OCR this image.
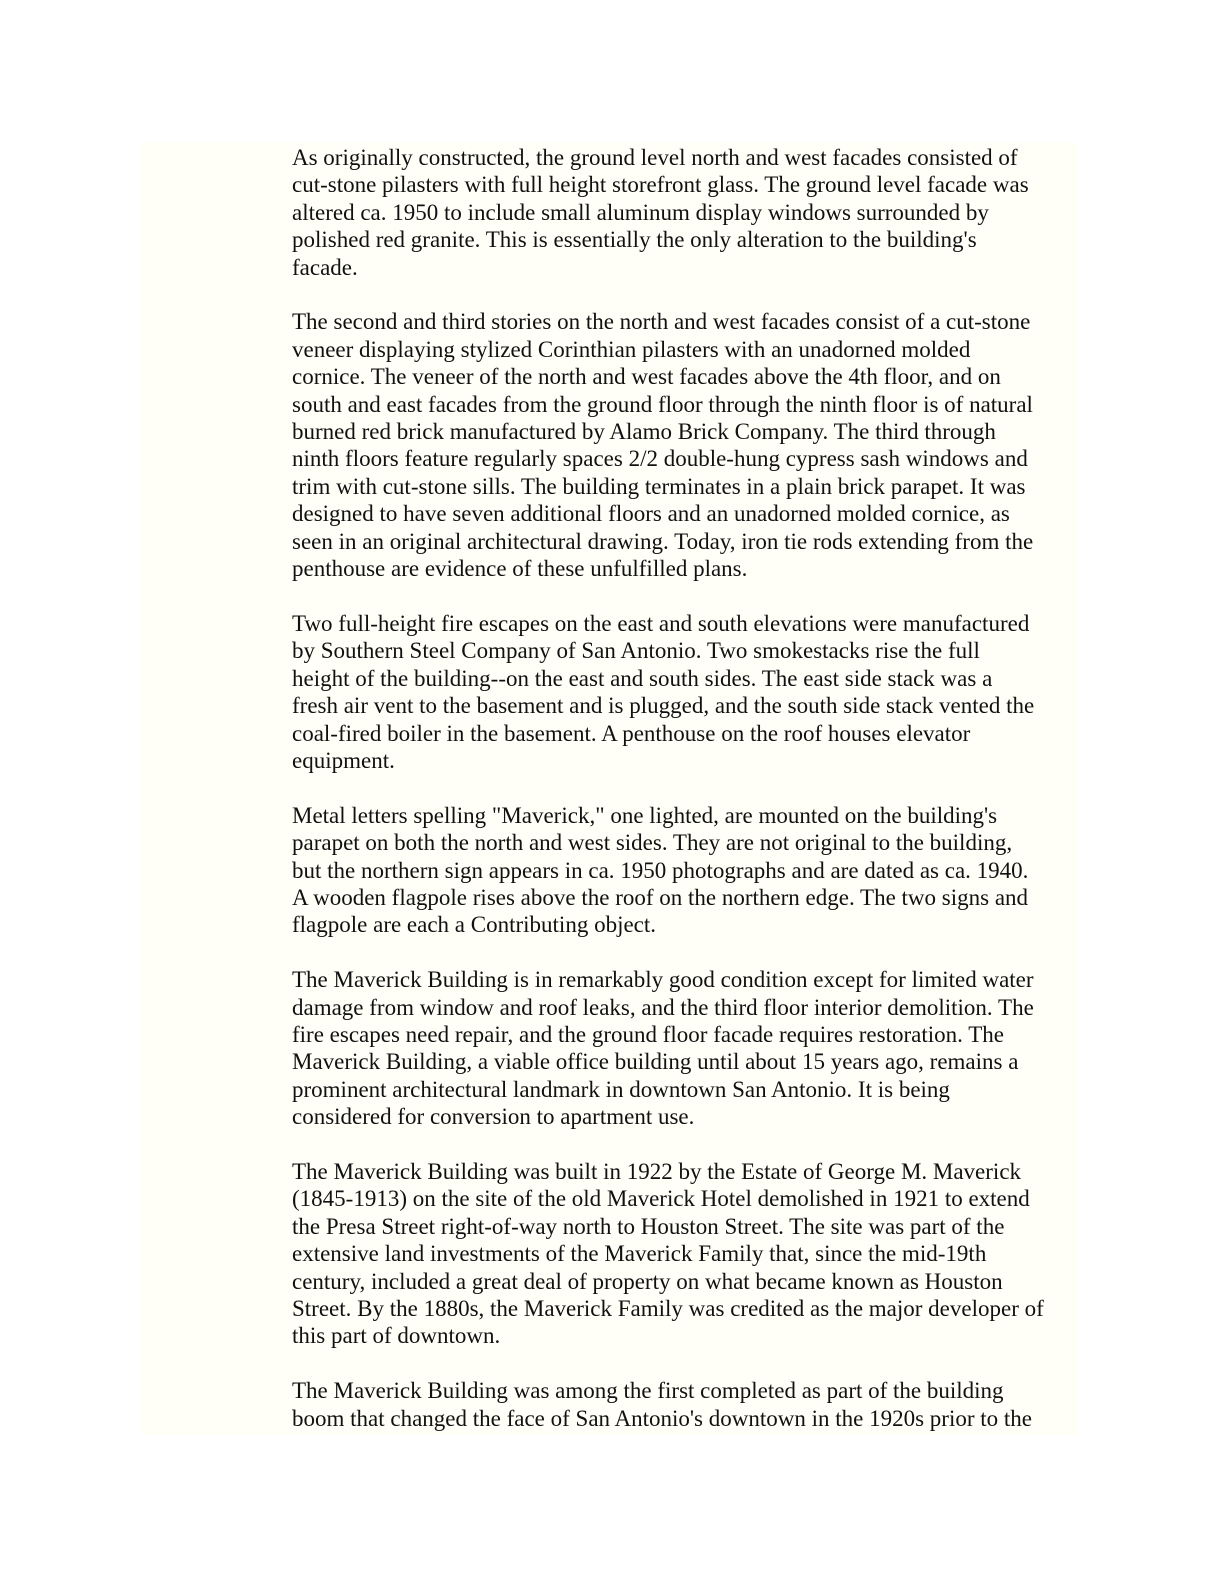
As originally constructed, the ground level north and west facades consisted of
cut-stone pilasters with full height storefront glass. The ground level facade was
altered ca. 1950 to include small aluminum display windows surrounded by
polished red granite. This is essentially the only alteration to the building's
facade.

The second and third stories on the north and west facades consist of a cut-stone
veneer displaying stylized Corinthian pilasters with an unadorned molded
cornice. The veneer of the north and west facades above the 4th floor, and on
south and east facades from the ground floor through the ninth floor is of natural
burned red brick manufactured by Alamo Brick Company. The third through
ninth floors feature regularly spaces 2/2 double-hung cypress sash windows and
trim with cut-stone sills. The building terminates in a plain brick parapet. It was
designed to have seven additional floors and an unadorned molded cornice, as
seen in an original architectural drawing. Today, iron tie rods extending from the
penthouse are evidence of these unfulfilled plans.

Two full-height fire escapes on the east and south elevations were manufactured
by Southern Steel Company of San Antonio. Two smokestacks rise the full
height of the building--on the east and south sides. The east side stack was a
fresh air vent to the basement and is plugged, and the south side stack vented the
coal-fired boiler in the basement. A penthouse on the roof houses elevator
equipment.

Metal letters spelling "Maverick," one lighted, are mounted on the building's
parapet on both the north and west sides. They are not original to the building,
but the northern sign appears in ca. 1950 photographs and are dated as ca. 1940.
A wooden flagpole rises above the roof on the northern edge. The two signs and
flagpole are each a Contributing object.

The Maverick Building is in remarkably good condition except for limited water
damage from window and roof leaks, and the third floor interior demolition. The
fire escapes need repair, and the ground floor facade requires restoration. The
Maverick Building, a viable office building until about 15 years ago, remains a
prominent architectural landmark in downtown San Antonio. It is being
considered for conversion to apartment use.

The Maverick Building was built in 1922 by the Estate of George M. Maverick
(1845-1913) on the site of the old Maverick Hotel demolished in 1921 to extend
the Presa Street right-of-way north to Houston Street. The site was part of the
extensive land investments of the Maverick Family that, since the mid-19th
century, included a great deal of property on what became known as Houston
Street. By the 1880s, the Maverick Family was credited as the major developer of
this part of downtown.

The Maverick Building was among the first completed as part of the building
boom that changed the face of San Antonio's downtown in the 1920s prior to the
